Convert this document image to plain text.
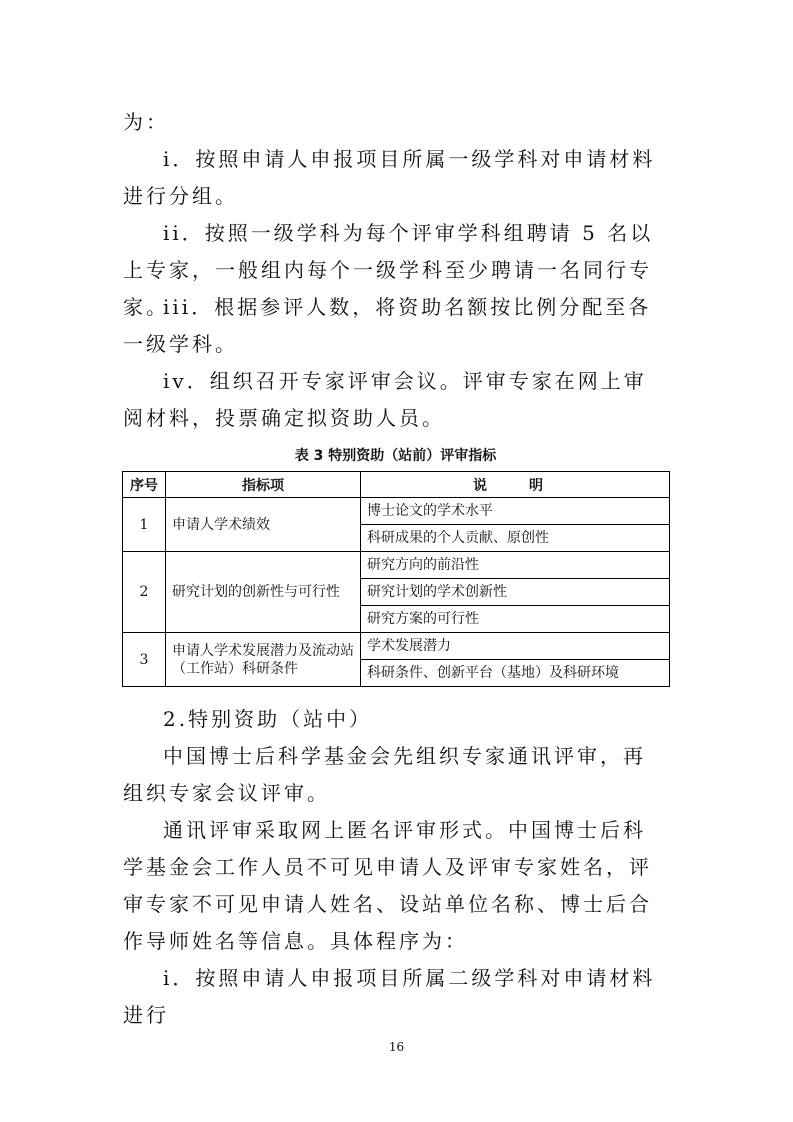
为：

i．按照申请人申报项目所属一级学科对申请材料进行分组。

ii．按照一级学科为每个评审学科组聘请 5 名以上专家，一般组内每个一级学科至少聘请一名同行专家。

iii．根据参评人数，将资助名额按比例分配至各一级学科。

iv．组织召开专家评审会议。评审专家在网上审阅材料，投票确定拟资助人员。

表 3 特别资助（站前）评审指标
序号	指标项	说　明
1	申请人学术绩效	博士论文的学术水平
		科研成果的个人贡献、原创性
2	研究计划的创新性与可行性	研究方向的前沿性
		研究计划的学术创新性
		研究方案的可行性
3	申请人学术发展潜力及流动站（工作站）科研条件	学术发展潜力
		科研条件、创新平台（基地）及科研环境

2.特别资助（站中）

中国博士后科学基金会先组织专家通讯评审，再组织专家会议评审。

通讯评审采取网上匿名评审形式。中国博士后科学基金会工作人员不可见申请人及评审专家姓名，评审专家不可见申请人姓名、设站单位名称、博士后合作导师姓名等信息。具体程序为：

i．按照申请人申报项目所属二级学科对申请材料进行

16
